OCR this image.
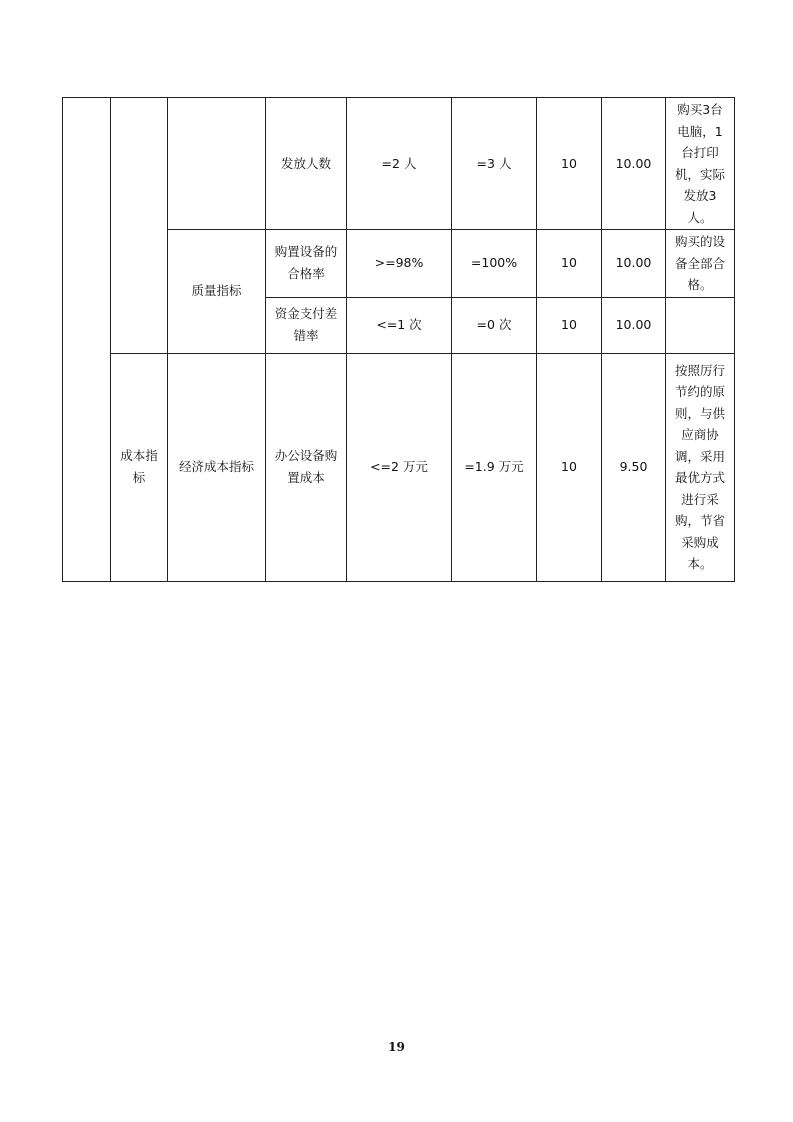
			发放人数	=2 人	=3 人	10	10.00	购买3台电脑，1台打印机，实际发放3人。
		质量指标	购置设备的合格率	>=98%	=100%	10	10.00	购买的设备全部合格。
			资金支付差错率	<=1 次	=0 次	10	10.00	
	成本指标	经济成本指标	办公设备购置成本	<=2 万元	=1.9 万元	10	9.50	按照厉行节约的原则，与供应商协调，采用最优方式进行采购，节省采购成本。
19
